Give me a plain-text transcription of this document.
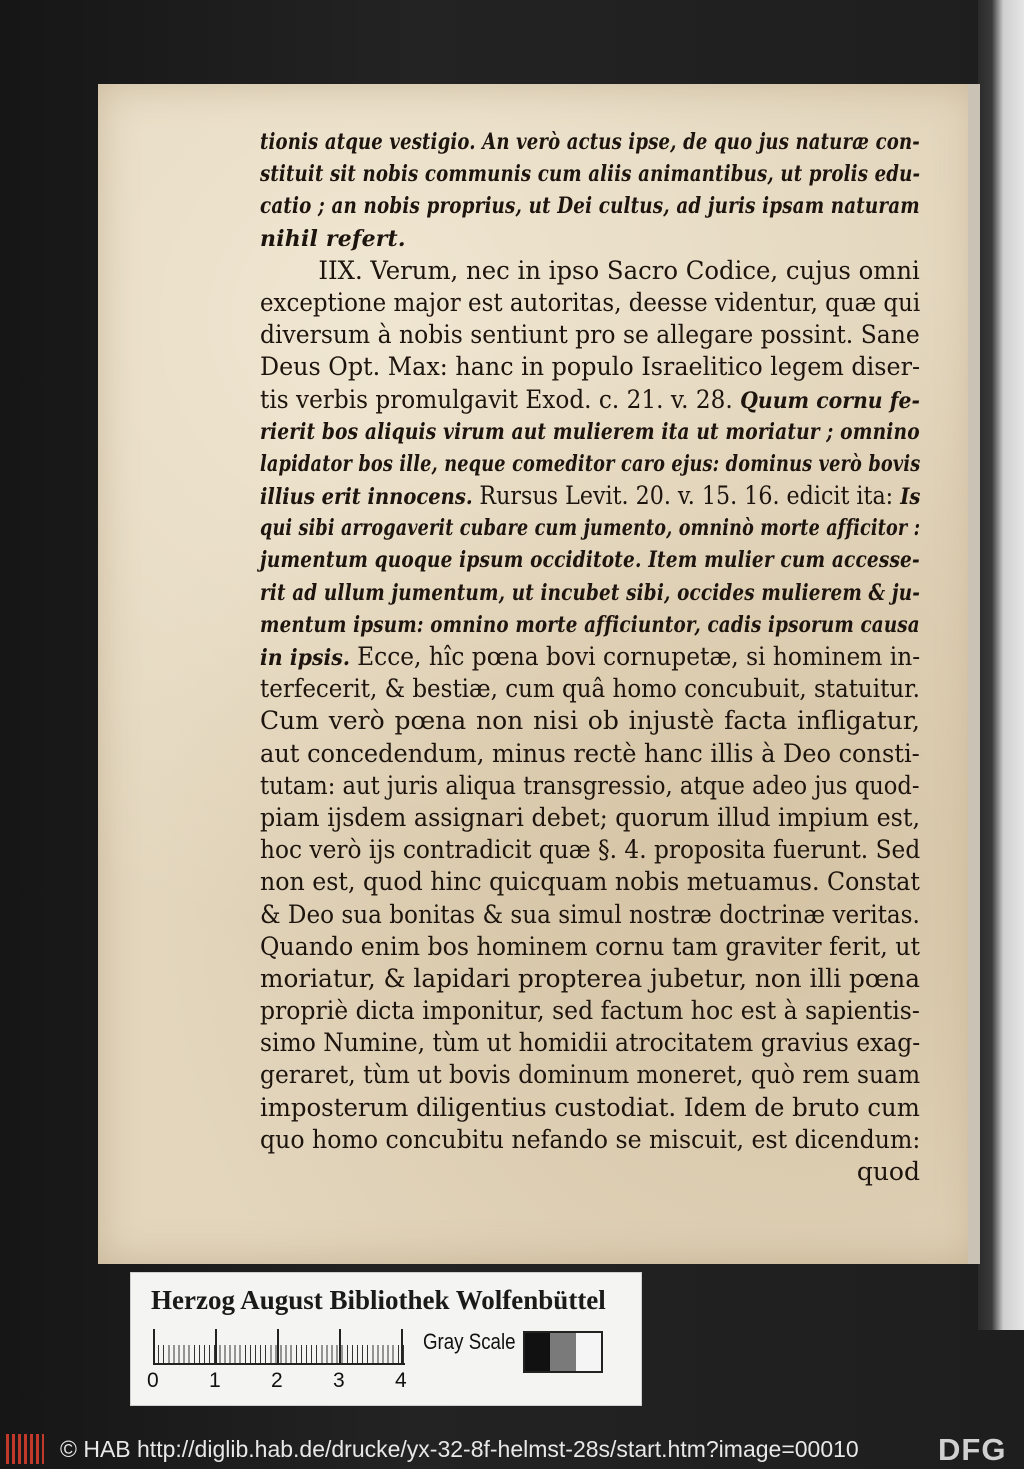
tionis atque vestigio. An verò actus ipse, de quo jus naturæ con-
stituit sit nobis communis cum aliis animantibus, ut prolis edu-
catio ; an nobis proprius, ut Dei cultus, ad juris ipsam naturam
nihil refert.
IIX. Verum, nec in ipso Sacro Codice, cujus omni
exceptione major est autoritas, deesse videntur, quæ qui
diversum à nobis sentiunt pro se allegare possint. Sane
Deus Opt. Max: hanc in populo Israelitico legem diser-
tis verbis promulgavit Exod. c. 21. v. 28. Quum cornu fe-
rierit bos aliquis virum aut mulierem ita ut moriatur ; omnino
lapidator bos ille, neque comeditor caro ejus: dominus verò bovis
illius erit innocens. Rursus Levit. 20. v. 15. 16. edicit ita: Is
qui sibi arrogaverit cubare cum jumento, omninò morte afficitor :
jumentum quoque ipsum occiditote. Item mulier cum accesse-
rit ad ullum jumentum, ut incubet sibi, occides mulierem & ju-
mentum ipsum: omnino morte afficiuntor, cadis ipsorum causa
in ipsis. Ecce, hîc pœna bovi cornupetæ, si hominem in-
terfecerit, & bestiæ, cum quâ homo concubuit, statuitur.
Cum verò pœna non nisi ob injustè facta infligatur,
aut concedendum, minus rectè hanc illis à Deo consti-
tutam: aut juris aliqua transgressio, atque adeo jus quod-
piam ijsdem assignari debet; quorum illud impium est,
hoc verò ijs contradicit quæ §. 4. proposita fuerunt. Sed
non est, quod hinc quicquam nobis metuamus. Constat
& Deo sua bonitas & sua simul nostræ doctrinæ veritas.
Quando enim bos hominem cornu tam graviter ferit, ut
moriatur, & lapidari propterea jubetur, non illi pœna
propriè dicta imponitur, sed factum hoc est à sapientis-
simo Numine, tùm ut homidii atrocitatem gravius exag-
geraret, tùm ut bovis dominum moneret, quò rem suam
imposterum diligentius custodiat. Idem de bruto cum
quo homo concubitu nefando se miscuit, est dicendum:
quod
Herzog August Bibliothek Wolfenbüttel
0 1 2 3 4
Gray Scale
© HAB http://diglib.hab.de/drucke/yx-32-8f-helmst-28s/start.htm?image=00010	DFG
